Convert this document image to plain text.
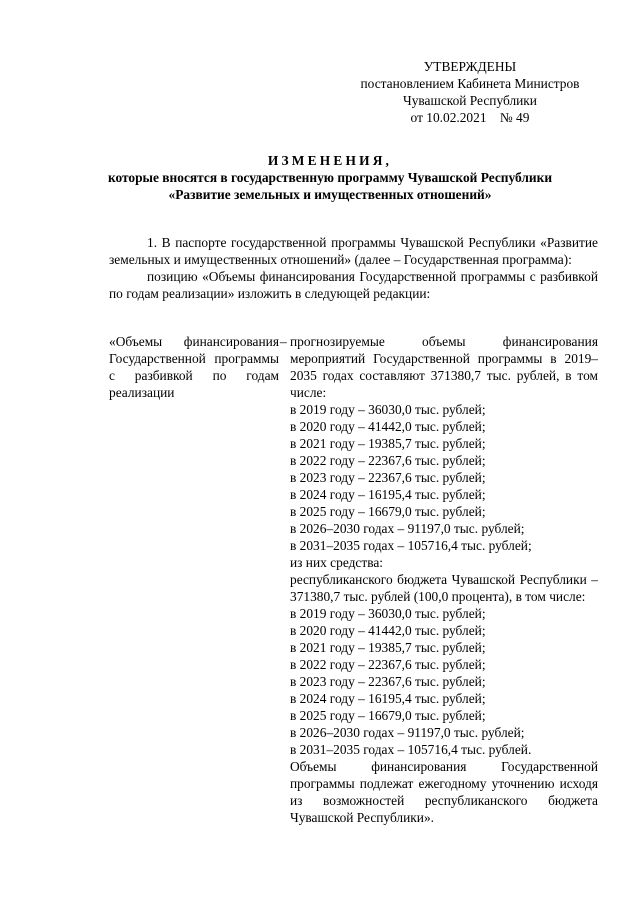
УТВЕРЖДЕНЫ
постановлением Кабинета Министров
Чувашской Республики
от 10.02.2021    № 49
ИЗМЕНЕНИЯ,
которые вносятся в государственную программу Чувашской Республики
«Развитие земельных и имущественных отношений»

1. В паспорте государственной программы Чувашской Республики «Развитие земельных и имущественных отношений» (далее – Государственная программа):

позицию «Объемы финансирования Государственной программы с разбивкой по годам реализации» изложить в следующей редакции:

«Объемы финансирования Государственной программы с разбивкой по годам реализации
– прогнозируемые объемы финансирования мероприятий Государственной программы в 2019–2035 годах составляют 371380,7 тыс. рублей, в том числе:
в 2019 году – 36030,0 тыс. рублей;
в 2020 году – 41442,0 тыс. рублей;
в 2021 году – 19385,7 тыс. рублей;
в 2022 году – 22367,6 тыс. рублей;
в 2023 году – 22367,6 тыс. рублей;
в 2024 году – 16195,4 тыс. рублей;
в 2025 году – 16679,0 тыс. рублей;
в 2026–2030 годах – 91197,0 тыс. рублей;
в 2031–2035 годах – 105716,4 тыс. рублей;
из них средства:
республиканского бюджета Чувашской Республики – 371380,7 тыс. рублей (100,0 процента), в том числе:
в 2019 году – 36030,0 тыс. рублей;
в 2020 году – 41442,0 тыс. рублей;
в 2021 году – 19385,7 тыс. рублей;
в 2022 году – 22367,6 тыс. рублей;
в 2023 году – 22367,6 тыс. рублей;
в 2024 году – 16195,4 тыс. рублей;
в 2025 году – 16679,0 тыс. рублей;
в 2026–2030 годах – 91197,0 тыс. рублей;
в 2031–2035 годах – 105716,4 тыс. рублей.
Объемы финансирования Государственной программы подлежат ежегодному уточнению исходя из возможностей республиканского бюджета Чувашской Республики».
